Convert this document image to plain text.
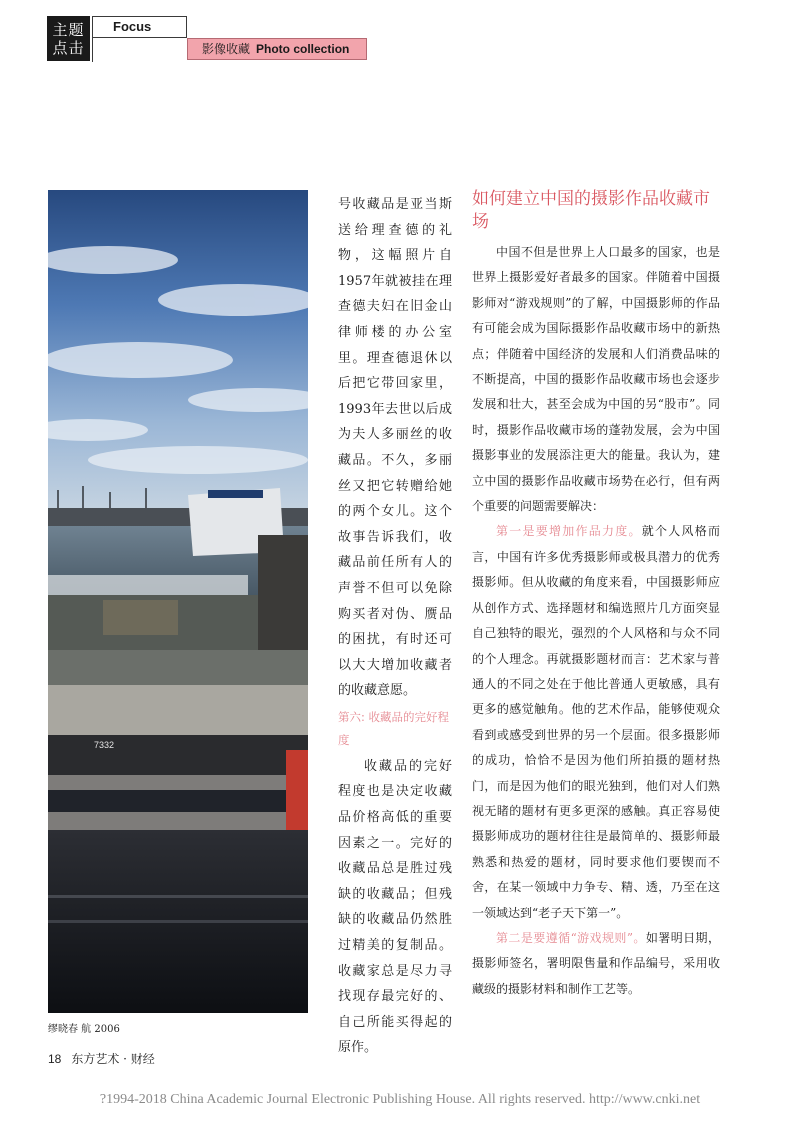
主题
点击
Focus
影像收藏 Photo collection
7332
缪晓春 航 2006

号收藏品是亚当斯送给理查德的礼物，这幅照片自1957年就被挂在理查德夫妇在旧金山律师楼的办公室里。理查德退休以后把它带回家里，1993年去世以后成为夫人多丽丝的收藏品。不久，多丽丝又把它转赠给她的两个女儿。这个故事告诉我们，收藏品前任所有人的声誉不但可以免除购买者对伪、赝品的困扰，有时还可以大大增加收藏者的收藏意愿。

第六: 收藏品的完好程度

收藏品的完好程度也是决定收藏品价格高低的重要因素之一。完好的收藏品总是胜过残缺的收藏品；但残缺的收藏品仍然胜过精美的复制品。收藏家总是尽力寻找现存最完好的、自己所能买得起的原作。

如何建立中国的摄影作品收藏市场

中国不但是世界上人口最多的国家，也是世界上摄影爱好者最多的国家。伴随着中国摄影师对“游戏规则”的了解，中国摄影师的作品有可能会成为国际摄影作品收藏市场中的新热点；伴随着中国经济的发展和人们消费品味的不断提高，中国的摄影作品收藏市场也会逐步发展和壮大，甚至会成为中国的另“股市”。同时，摄影作品收藏市场的蓬勃发展，会为中国摄影事业的发展添注更大的能量。我认为，建立中国的摄影作品收藏市场势在必行，但有两个重要的问题需要解决：

第一是要增加作品力度。就个人风格而言，中国有许多优秀摄影师或极具潜力的优秀摄影师。但从收藏的角度来看，中国摄影师应从创作方式、选择题材和编选照片几方面突显自己独特的眼光，强烈的个人风格和与众不同的个人理念。再就摄影题材而言：艺术家与普通人的不同之处在于他比普通人更敏感，具有更多的感觉触角。他的艺术作品，能够使观众看到或感受到世界的另一个层面。很多摄影师的成功，恰恰不是因为他们所拍摄的题材热门，而是因为他们的眼光独到，他们对人们熟视无睹的题材有更多更深的感触。真正容易使摄影师成功的题材往往是最简单的、摄影师最熟悉和热爱的题材，同时要求他们要锲而不舍，在某一领域中力争专、精、透，乃至在这一领域达到“老子天下第一”。

第二是要遵循“游戏规则”。如署明日期，摄影师签名，署明限售量和作品编号，采用收藏级的摄影材料和制作工艺等。

18 东方艺术 · 财经
?1994-2018 China Academic Journal Electronic Publishing House. All rights reserved. http://www.cnki.net
